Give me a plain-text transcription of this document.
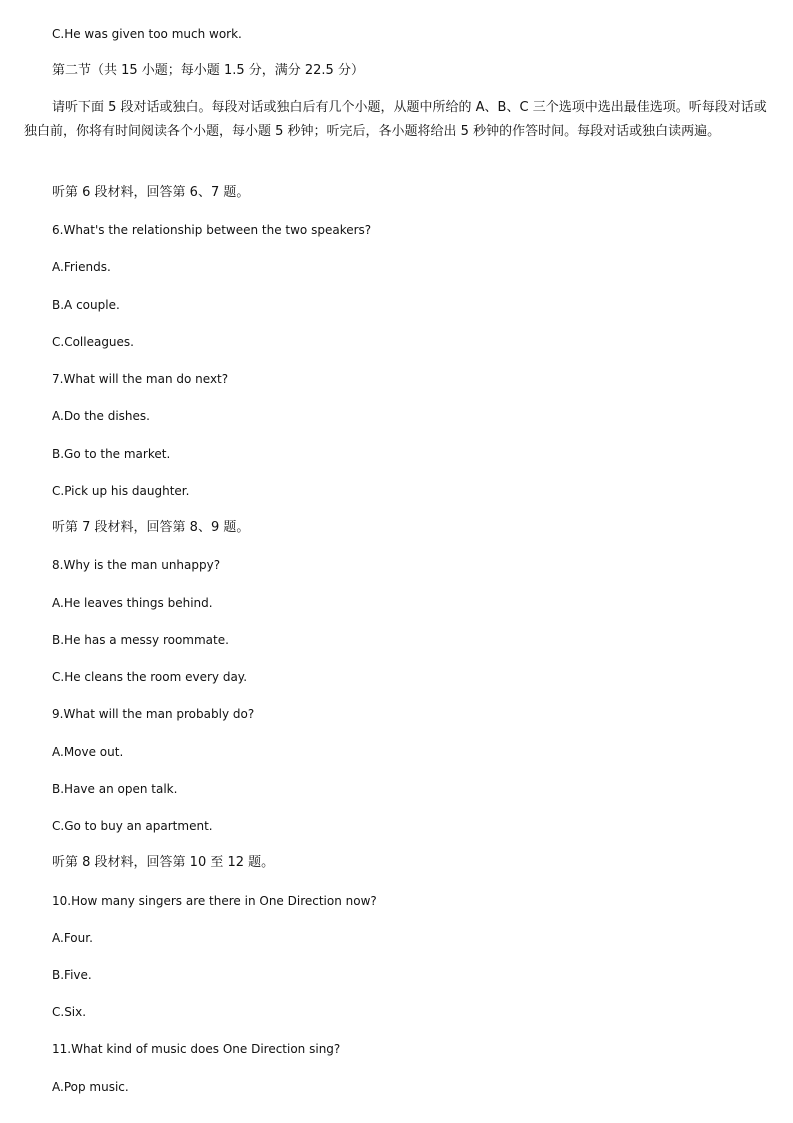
C.He was given too much work.
第二节（共 15 小题；每小题 1.5 分，满分 22.5 分）
请听下面 5 段对话或独白。每段对话或独白后有几个小题，从题中所给的 A、B、C 三个选项中选出最佳选项。听每段对话或独白前，你将有时间阅读各个小题，每小题 5 秒钟；听完后，各小题将给出 5 秒钟的作答时间。每段对话或独白读两遍。
听第 6 段材料，回答第 6、7 题。
6.What's the relationship between the two speakers?
A.Friends.
B.A couple.
C.Colleagues.
7.What will the man do next?
A.Do the dishes.
B.Go to the market.
C.Pick up his daughter.
听第 7 段材料，回答第 8、9 题。
8.Why is the man unhappy?
A.He leaves things behind.
B.He has a messy roommate.
C.He cleans the room every day.
9.What will the man probably do?
A.Move out.
B.Have an open talk.
C.Go to buy an apartment.
听第 8 段材料，回答第 10 至 12 题。
10.How many singers are there in One Direction now?
A.Four.
B.Five.
C.Six.
11.What kind of music does One Direction sing?
A.Pop music.
